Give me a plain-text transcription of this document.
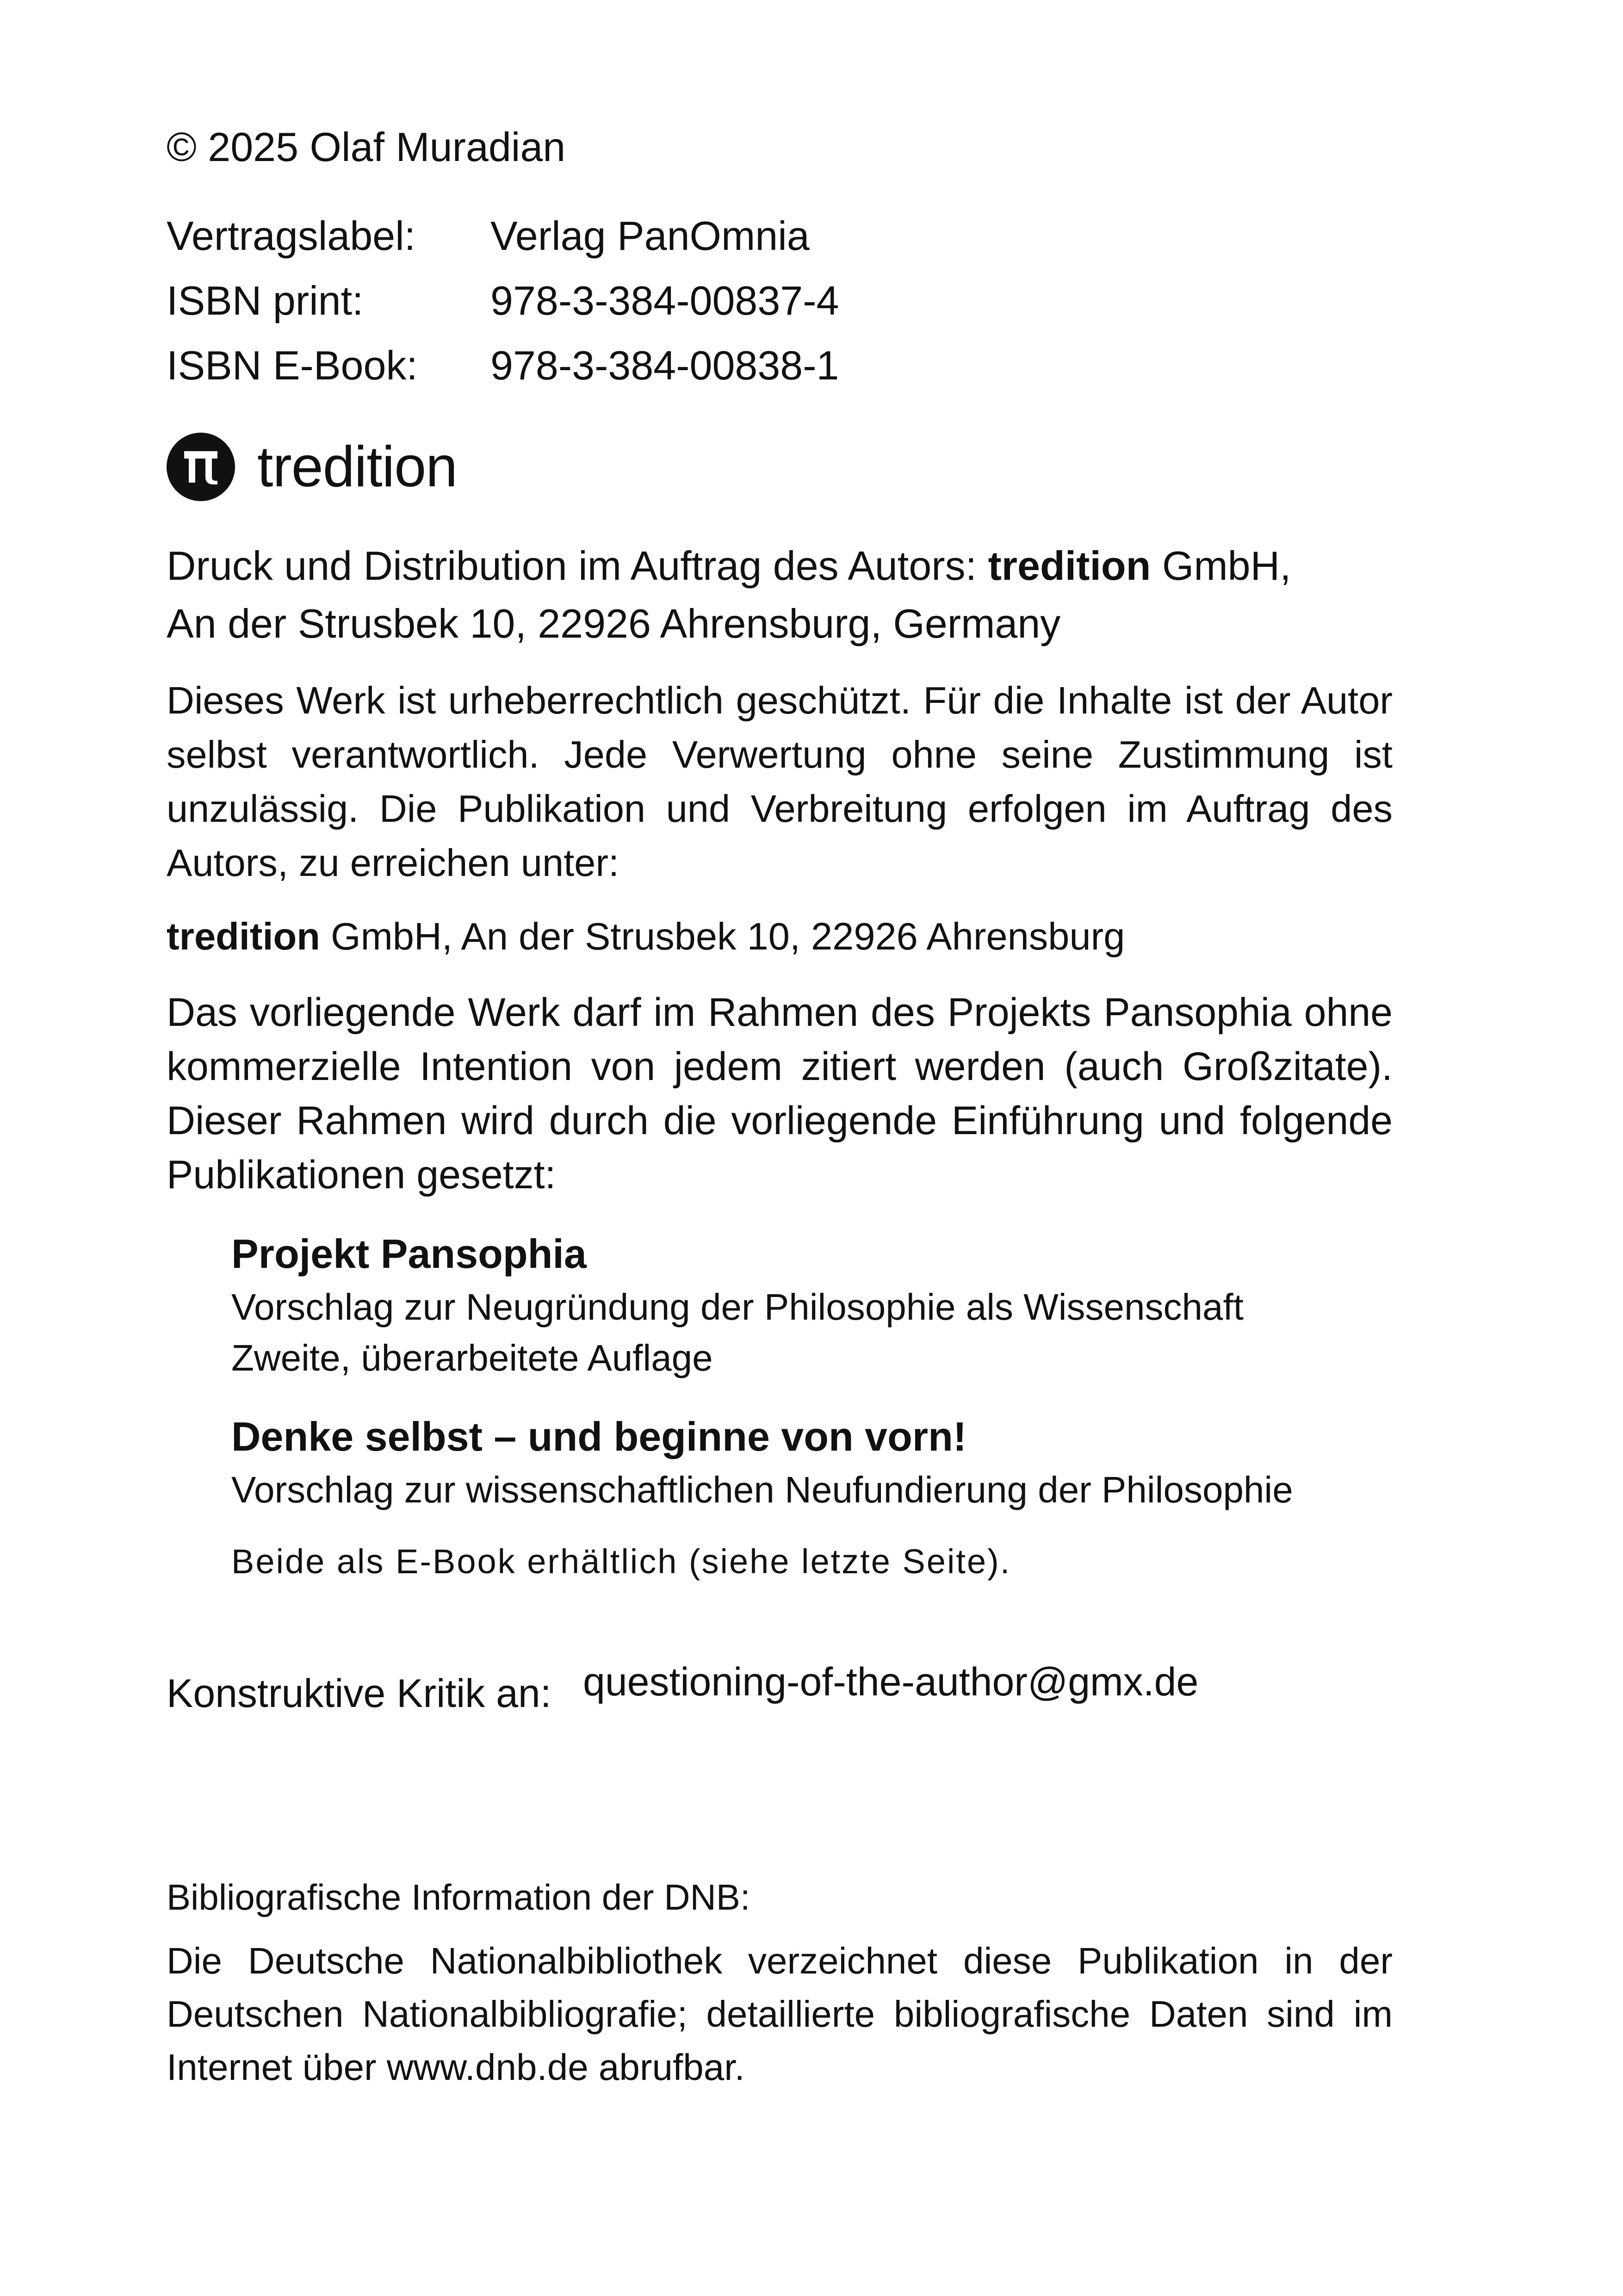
© 2025 Olaf Muradian
Vertragslabel:	Verlag PanOmnia
ISBN print:	978-3-384-00837-4
ISBN E-Book:	978-3-384-00838-1
tredition
Druck und Distribution im Auftrag des Autors: tredition GmbH,
An der Strusbek 10, 22926 Ahrensburg, Germany
Dieses Werk ist urheberrechtlich geschützt. Für die Inhalte ist der Autor selbst verantwortlich. Jede Verwertung ohne seine Zustimmung ist unzulässig. Die Publikation und Verbreitung erfolgen im Auftrag des Autors, zu erreichen unter:
tredition GmbH, An der Strusbek 10, 22926 Ahrensburg
Das vorliegende Werk darf im Rahmen des Projekts Pansophia ohne kommerzielle Intention von jedem zitiert werden (auch Großzitate). Dieser Rahmen wird durch die vorliegende Einführung und folgende Publikationen gesetzt:
Projekt Pansophia
Vorschlag zur Neugründung der Philosophie als Wissenschaft
Zweite, überarbeitete Auflage
Denke selbst – und beginne von vorn!
Vorschlag zur wissenschaftlichen Neufundierung der Philosophie
Beide als E-Book erhältlich (siehe letzte Seite).
Konstruktive Kritik an: questioning-of-the-author@gmx.de
Bibliografische Information der DNB:
Die Deutsche Nationalbibliothek verzeichnet diese Publikation in der Deutschen Nationalbibliografie; detaillierte bibliografische Daten sind im Internet über www.dnb.de abrufbar.
